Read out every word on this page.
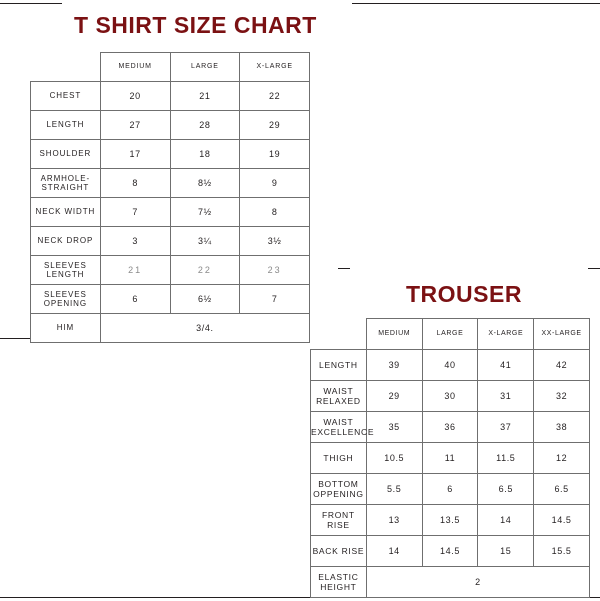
T SHIRT SIZE CHART
	MEDIUM	LARGE	X-LARGE
CHEST	20	21	22
LENGTH	27	28	29
SHOULDER	17	18	19
ARMHOLE-STRAIGHT	8	8½	9
NECK WIDTH	7	7½	8
NECK DROP	3	3¼	3½
SLEEVES LENGTH	21	22	23
SLEEVES OPENING	6	6½	7
HIM	3/4.		
TROUSER
	MEDIUM	LARGE	X-LARGE	XX-LARGE
LENGTH	39	40	41	42
WAIST RELAXED	29	30	31	32
WAIST EXCELLENCE	35	36	37	38
THIGH	10.5	11	11.5	12
BOTTOM OPPENING	5.5	6	6.5	6.5
FRONT RISE	13	13.5	14	14.5
BACK RISE	14	14.5	15	15.5
ELASTIC HEIGHT	2			
